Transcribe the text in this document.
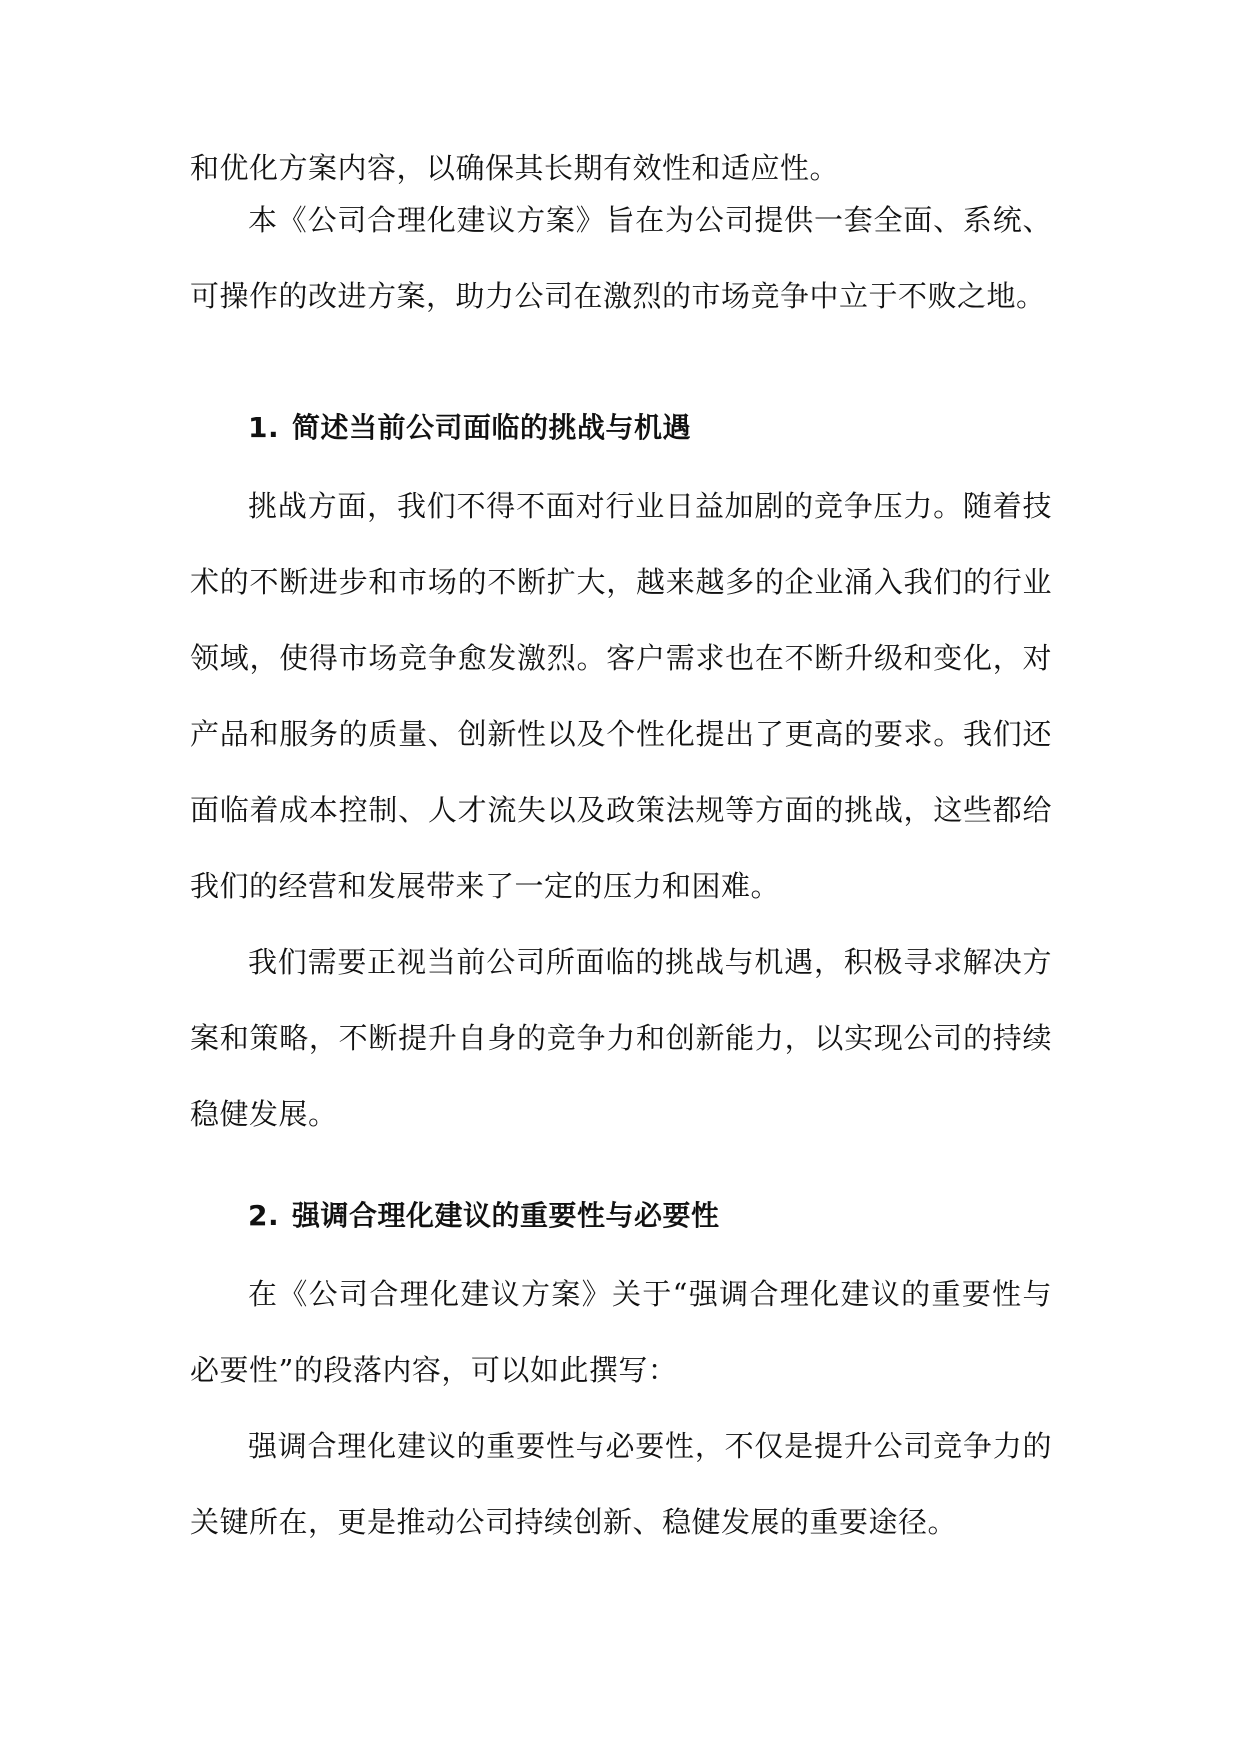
和优化方案内容，以确保其长期有效性和适应性。

本《公司合理化建议方案》旨在为公司提供一套全面、系统、可操作的改进方案，助力公司在激烈的市场竞争中立于不败之地。

1. 简述当前公司面临的挑战与机遇

挑战方面，我们不得不面对行业日益加剧的竞争压力。随着技术的不断进步和市场的不断扩大，越来越多的企业涌入我们的行业领域，使得市场竞争愈发激烈。客户需求也在不断升级和变化，对产品和服务的质量、创新性以及个性化提出了更高的要求。我们还面临着成本控制、人才流失以及政策法规等方面的挑战，这些都给我们的经营和发展带来了一定的压力和困难。

我们需要正视当前公司所面临的挑战与机遇，积极寻求解决方案和策略，不断提升自身的竞争力和创新能力，以实现公司的持续稳健发展。

2. 强调合理化建议的重要性与必要性

在《公司合理化建议方案》关于“强调合理化建议的重要性与必要性”的段落内容，可以如此撰写：

强调合理化建议的重要性与必要性，不仅是提升公司竞争力的关键所在，更是推动公司持续创新、稳健发展的重要途径。
